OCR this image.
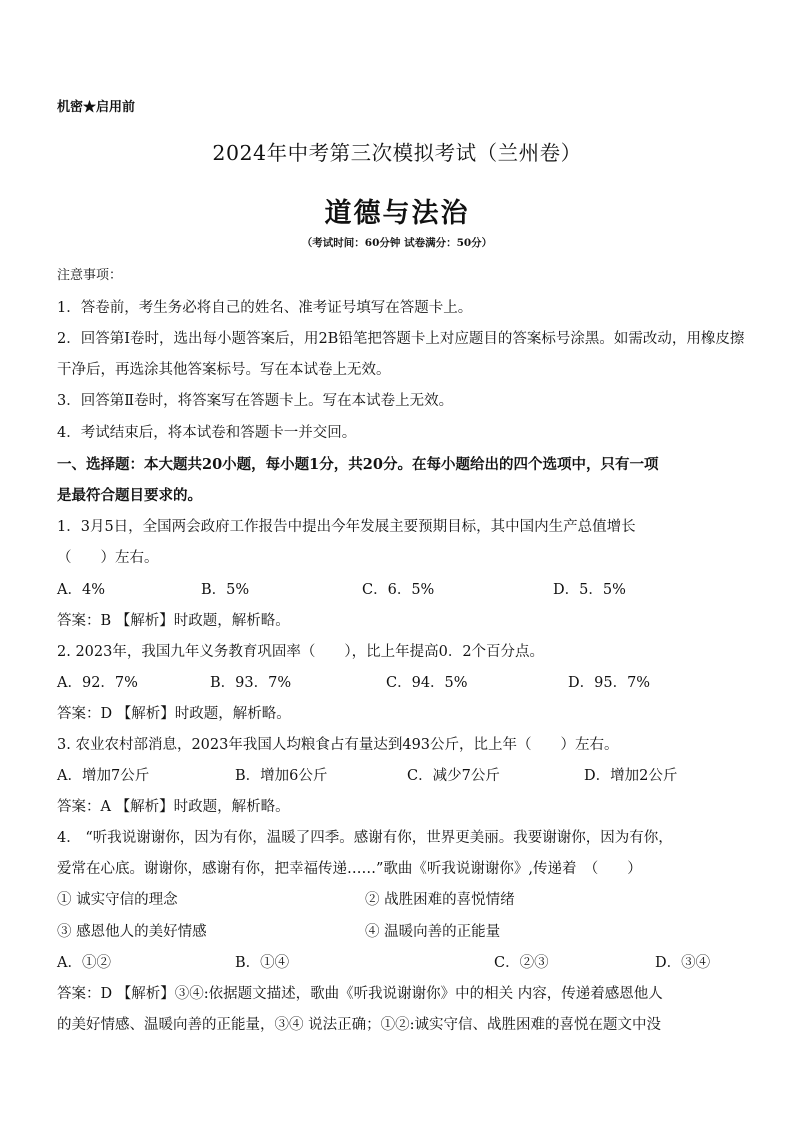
机密★启用前
2024年中考第三次模拟考试（兰州卷）
道德与法治
（考试时间：60分钟 试卷满分：50分）
注意事项：
1．答卷前，考生务必将自己的姓名、准考证号填写在答题卡上。
2．回答第Ⅰ卷时，选出每小题答案后，用2B铅笔把答题卡上对应题目的答案标号涂黑。如需改动，用橡皮擦
干净后，再选涂其他答案标号。写在本试卷上无效。
3．回答第Ⅱ卷时，将答案写在答题卡上。写在本试卷上无效。
4．考试结束后，将本试卷和答题卡一并交回。
一、选择题：本大题共20小题，每小题1分，共20分。在每小题给出的四个选项中，只有一项
是最符合题目要求的。
1．3月5日，全国两会政府工作报告中提出今年发展主要预期目标，其中国内生产总值增长
（　　）左右。
A．4%	B．5%	C．6．5%	D．5．5%
答案：B 【解析】时政题，解析略。
2. 2023年，我国九年义务教育巩固率（　　），比上年提高0．2个百分点。
A．92．7%	B．93．7%	C．94．5%	D．95．7%
答案：D 【解析】时政题，解析略。
3. 农业农村部消息，2023年我国人均粮食占有量达到493公斤，比上年（　　）左右。
A．增加7公斤	B．增加6公斤	C．减少7公斤	D．增加2公斤
答案：A 【解析】时政题，解析略。
4． “听我说谢谢你，因为有你，温暖了四季。感谢有你，世界更美丽。我要谢谢你，因为有你，
爱常在心底。谢谢你，感谢有你，把幸福传递……”歌曲《听我说谢谢你》,传递着　（　　）
① 诚实守信的理念	② 战胜困难的喜悦情绪
③ 感恩他人的美好情感	④ 温暖向善的正能量
A．①②	B．①④	C．②③	D．③④
答案：D 【解析】③④:依据题文描述，歌曲《听我说谢谢你》中的相关 内容，传递着感恩他人
的美好情感、温暖向善的正能量，③④ 说法正确；①②:诚实守信、战胜困难的喜悦在题文中没
